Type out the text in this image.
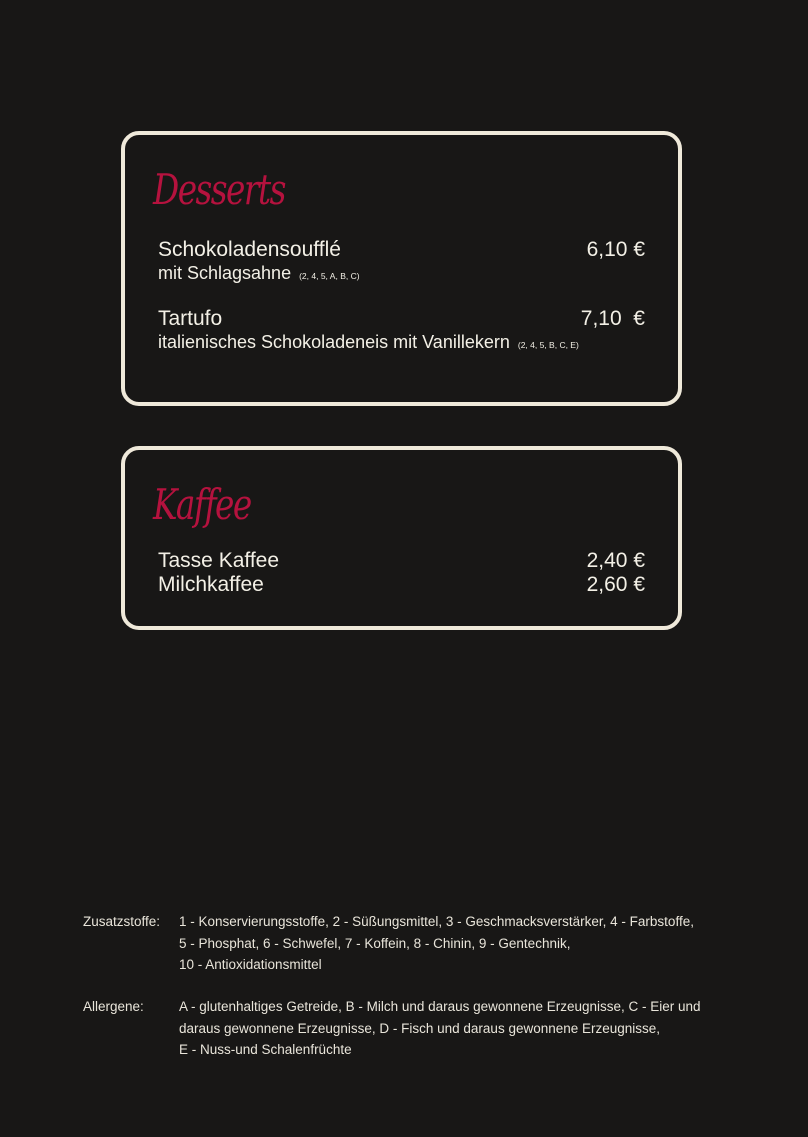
Desserts
Schokoladensoufflé	6,10 €
mit Schlagsahne (2, 4, 5, A, B, C)
Tartufo	7,10  €
italienisches Schokoladeneis mit Vanillekern (2, 4, 5, B, C, E)
Kaffee
Tasse Kaffee	2,40 €
Milchkaffee	2,60 €
Zusatzstoffe: 1 - Konservierungsstoffe, 2 - Süßungsmittel, 3 - Geschmacksverstärker, 4 - Farbstoffe,
5 - Phosphat, 6 - Schwefel, 7 - Koffein, 8 - Chinin, 9 - Gentechnik,
10 - Antioxidationsmittel
Allergene:	A - glutenhaltiges Getreide, B - Milch und daraus gewonnene Erzeugnisse, C - Eier und
daraus gewonnene Erzeugnisse, D - Fisch und daraus gewonnene Erzeugnisse,
E - Nuss-und Schalenfrüchte
